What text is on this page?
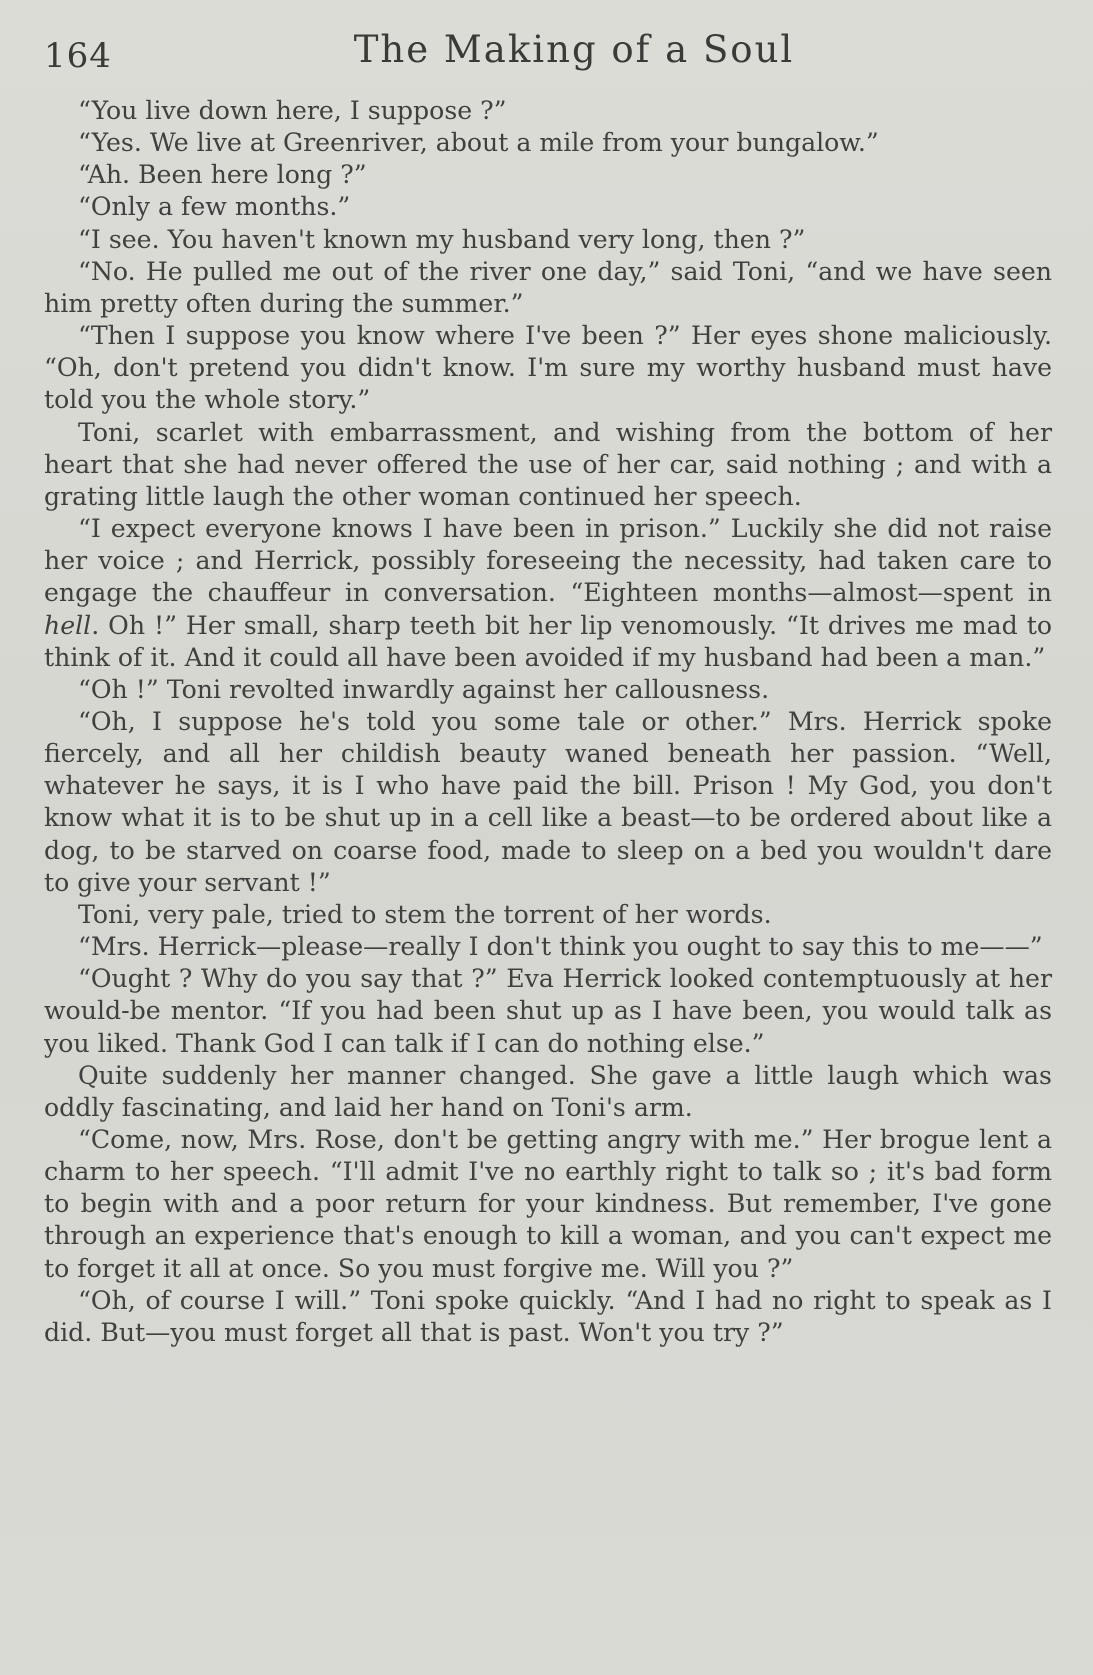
164	The Making of a Soul

“You live down here, I suppose ?”

“Yes. We live at Greenriver, about a mile from your bungalow.”

“Ah. Been here long ?”

“Only a few months.”

“I see. You haven't known my husband very long, then ?”

“No. He pulled me out of the river one day,” said Toni, “and we have seen him pretty often during the summer.”

“Then I suppose you know where I've been ?” Her eyes shone maliciously. “Oh, don't pretend you didn't know. I'm sure my worthy husband must have told you the whole story.”

Toni, scarlet with embarrassment, and wishing from the bottom of her heart that she had never offered the use of her car, said nothing ; and with a grating little laugh the other woman continued her speech.

“I expect everyone knows I have been in prison.” Luckily she did not raise her voice ; and Herrick, possibly foreseeing the necessity, had taken care to engage the chauffeur in conversation. “Eighteen months—almost—spent in hell. Oh !” Her small, sharp teeth bit her lip venomously. “It drives me mad to think of it. And it could all have been avoided if my husband had been a man.”

“Oh !” Toni revolted inwardly against her callousness.

“Oh, I suppose he's told you some tale or other.” Mrs. Herrick spoke fiercely, and all her childish beauty waned beneath her passion. “Well, whatever he says, it is I who have paid the bill. Prison ! My God, you don't know what it is to be shut up in a cell like a beast—to be ordered about like a dog, to be starved on coarse food, made to sleep on a bed you wouldn't dare to give your servant !”

Toni, very pale, tried to stem the torrent of her words.

“Mrs. Herrick—please—really I don't think you ought to say this to me——”

“Ought ? Why do you say that ?” Eva Herrick looked contemptuously at her would-be mentor. “If you had been shut up as I have been, you would talk as you liked. Thank God I can talk if I can do nothing else.”

Quite suddenly her manner changed. She gave a little laugh which was oddly fascinating, and laid her hand on Toni's arm.

“Come, now, Mrs. Rose, don't be getting angry with me.” Her brogue lent a charm to her speech. “I'll admit I've no earthly right to talk so ; it's bad form to begin with and a poor return for your kindness. But remember, I've gone through an experience that's enough to kill a woman, and you can't expect me to forget it all at once. So you must forgive me. Will you ?”

“Oh, of course I will.” Toni spoke quickly. “And I had no right to speak as I did. But—you must forget all that is past. Won't you try ?”
